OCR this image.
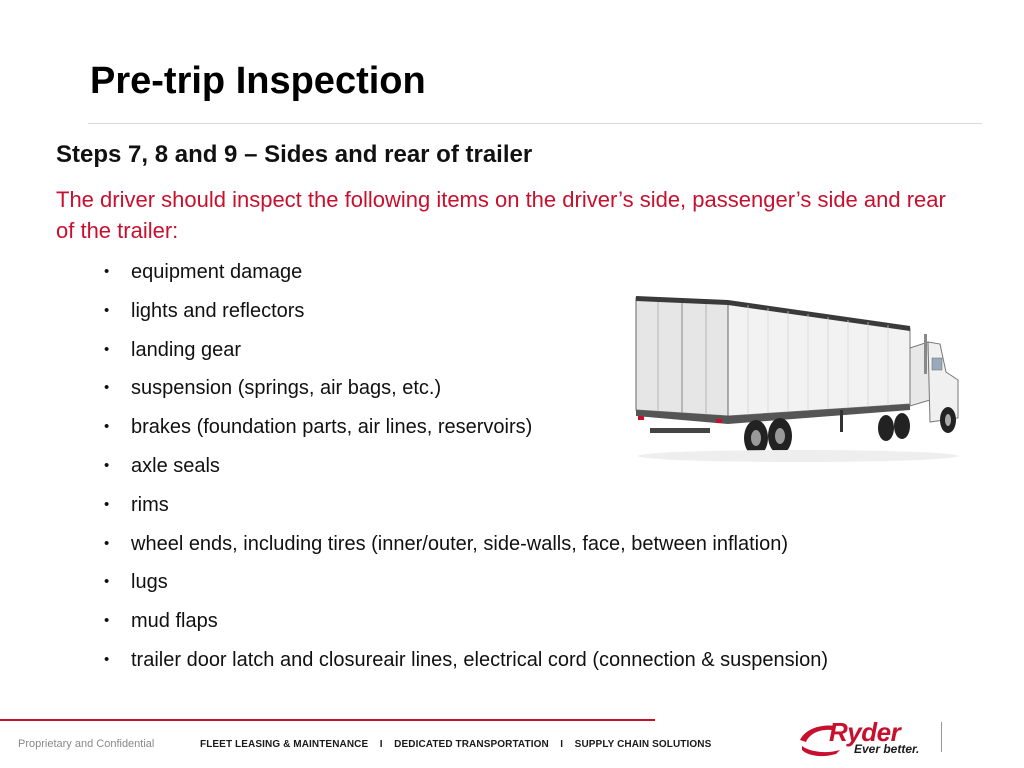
Pre-trip Inspection
Steps 7, 8 and 9 – Sides and rear of trailer
The driver should inspect the following items on the driver’s side, passenger’s side and rear of the trailer:
• equipment damage
• lights and reflectors
• landing gear
• suspension (springs, air bags, etc.)
• brakes (foundation parts, air lines, reservoirs)
• axle seals
• rims
• wheel ends, including tires (inner/outer, side-walls, face, between inflation)
• lugs
• mud flaps
• trailer door latch and closureair lines, electrical cord (connection & suspension)
Proprietary and Confidential	FLEET LEASING & MAINTENANCE    I    DEDICATED TRANSPORTATION    I    SUPPLY CHAIN SOLUTIONS	Ryder
Ever better.
